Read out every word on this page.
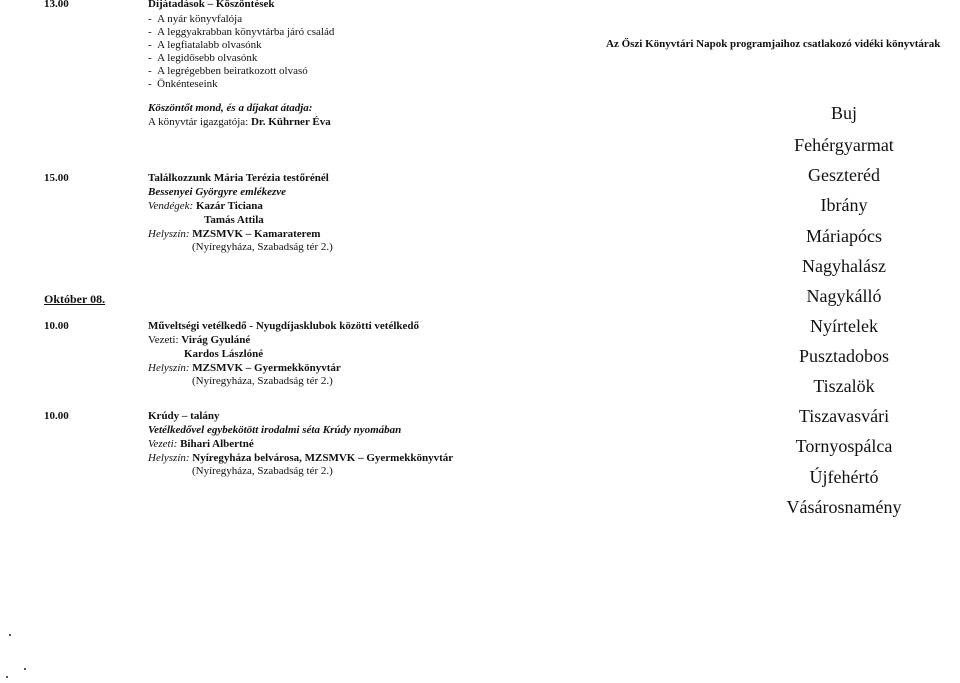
13.00	Díjátadások – Köszöntések
-  A nyár könyvfalója
-  A leggyakrabban könyvtárba járó család
-  A legfiatalabb olvasónk
-  A legidősebb olvasónk
-  A legrégebben beiratkozott olvasó
-  Önkénteseink
Köszöntőt mond, és a díjakat átadja:
A könyvtár igazgatója: Dr. Kührner Éva
15.00	Találkozzunk Mária Terézia testőrénél
Bessenyei Györgyre emlékezve
Vendégek: Kazár Ticiana
Tamás Attila
Helyszín: MZSMVK – Kamaraterem
(Nyíregyháza, Szabadság tér 2.)
Október 08.
10.00	Műveltségi vetélkedő - Nyugdíjasklubok közötti vetélkedő
Vezeti: Virág Gyuláné
Kardos Lászlóné
Helyszín: MZSMVK – Gyermekkönyvtár
(Nyíregyháza, Szabadság tér 2.)
10.00	Krúdy – talány
Vetélkedővel egybekötött irodalmi séta Krúdy nyomában
Vezeti: Bihari Albertné
Helyszín: Nyíregyháza belvárosa, MZSMVK – Gyermekkönyvtár
(Nyíregyháza, Szabadság tér 2.)
Az Őszi Könyvtári Napok programjaihoz csatlakozó vidéki könyvtárak
Buj
Fehérgyarmat
Geszteréd
Ibrány
Máriapócs
Nagyhalász
Nagykálló
Nyírtelek
Pusztadobos
Tiszalök
Tiszavasvári
Tornyospálca
Újfehértó
Vásárosnamény
